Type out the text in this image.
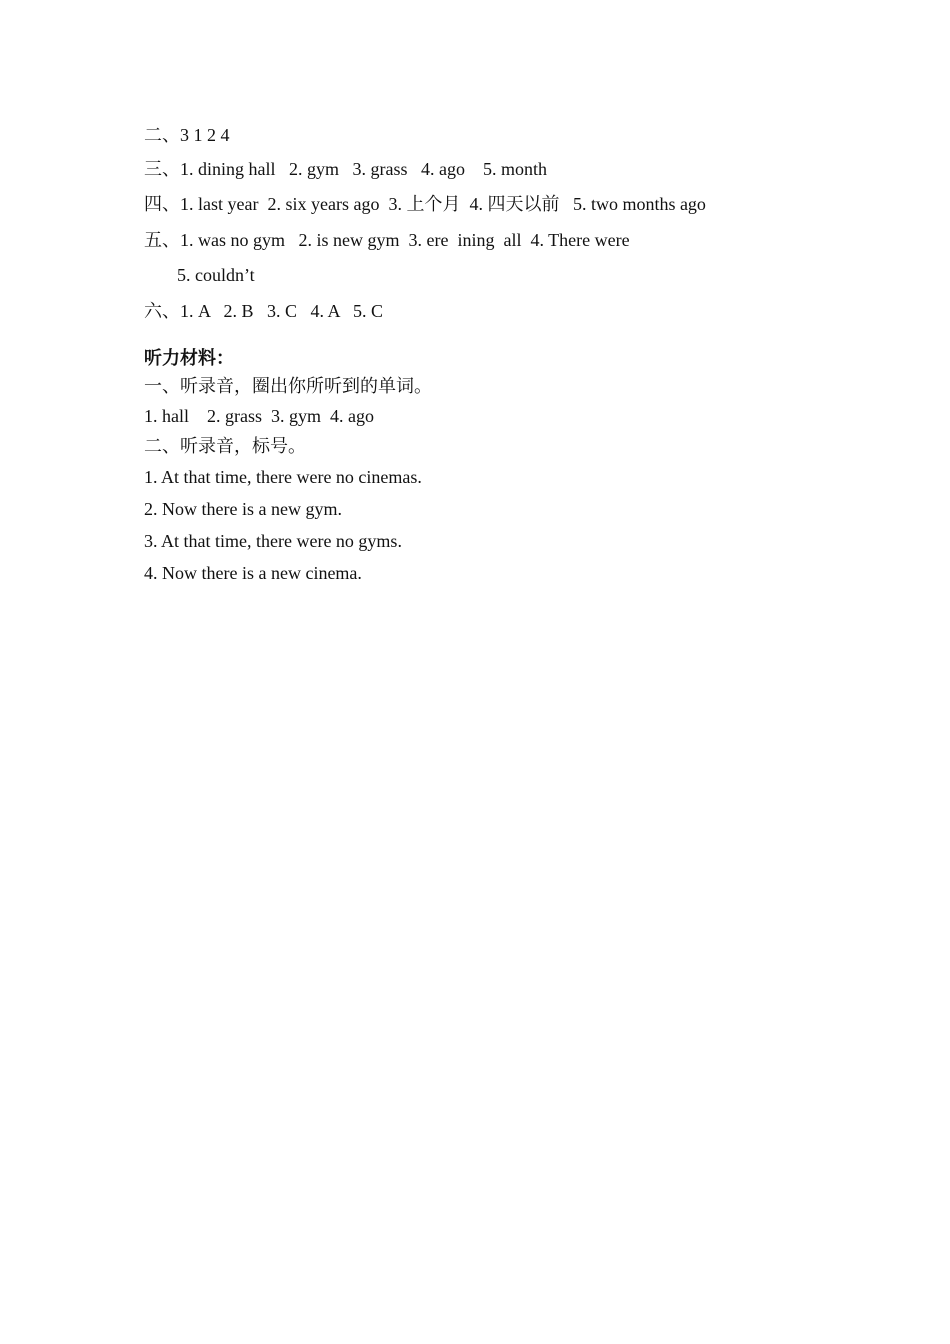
二、3 1 2 4
三、1. dining hall   2. gym   3. grass   4. ago    5. month
四、1. last year  2. six years ago  3. 上个月  4. 四天以前   5. two months ago
五、1. was no gym   2. is new gym  3. ere  ining  all  4. There were
5. couldn’t
六、1. A   2. B   3. C   4. A   5. C
听力材料：
一、听录音，圈出你所听到的单词。
1. hall    2. grass  3. gym  4. ago
二、听录音，标号。
1. At that time, there were no cinemas.
2. Now there is a new gym.
3. At that time, there were no gyms.
4. Now there is a new cinema.
